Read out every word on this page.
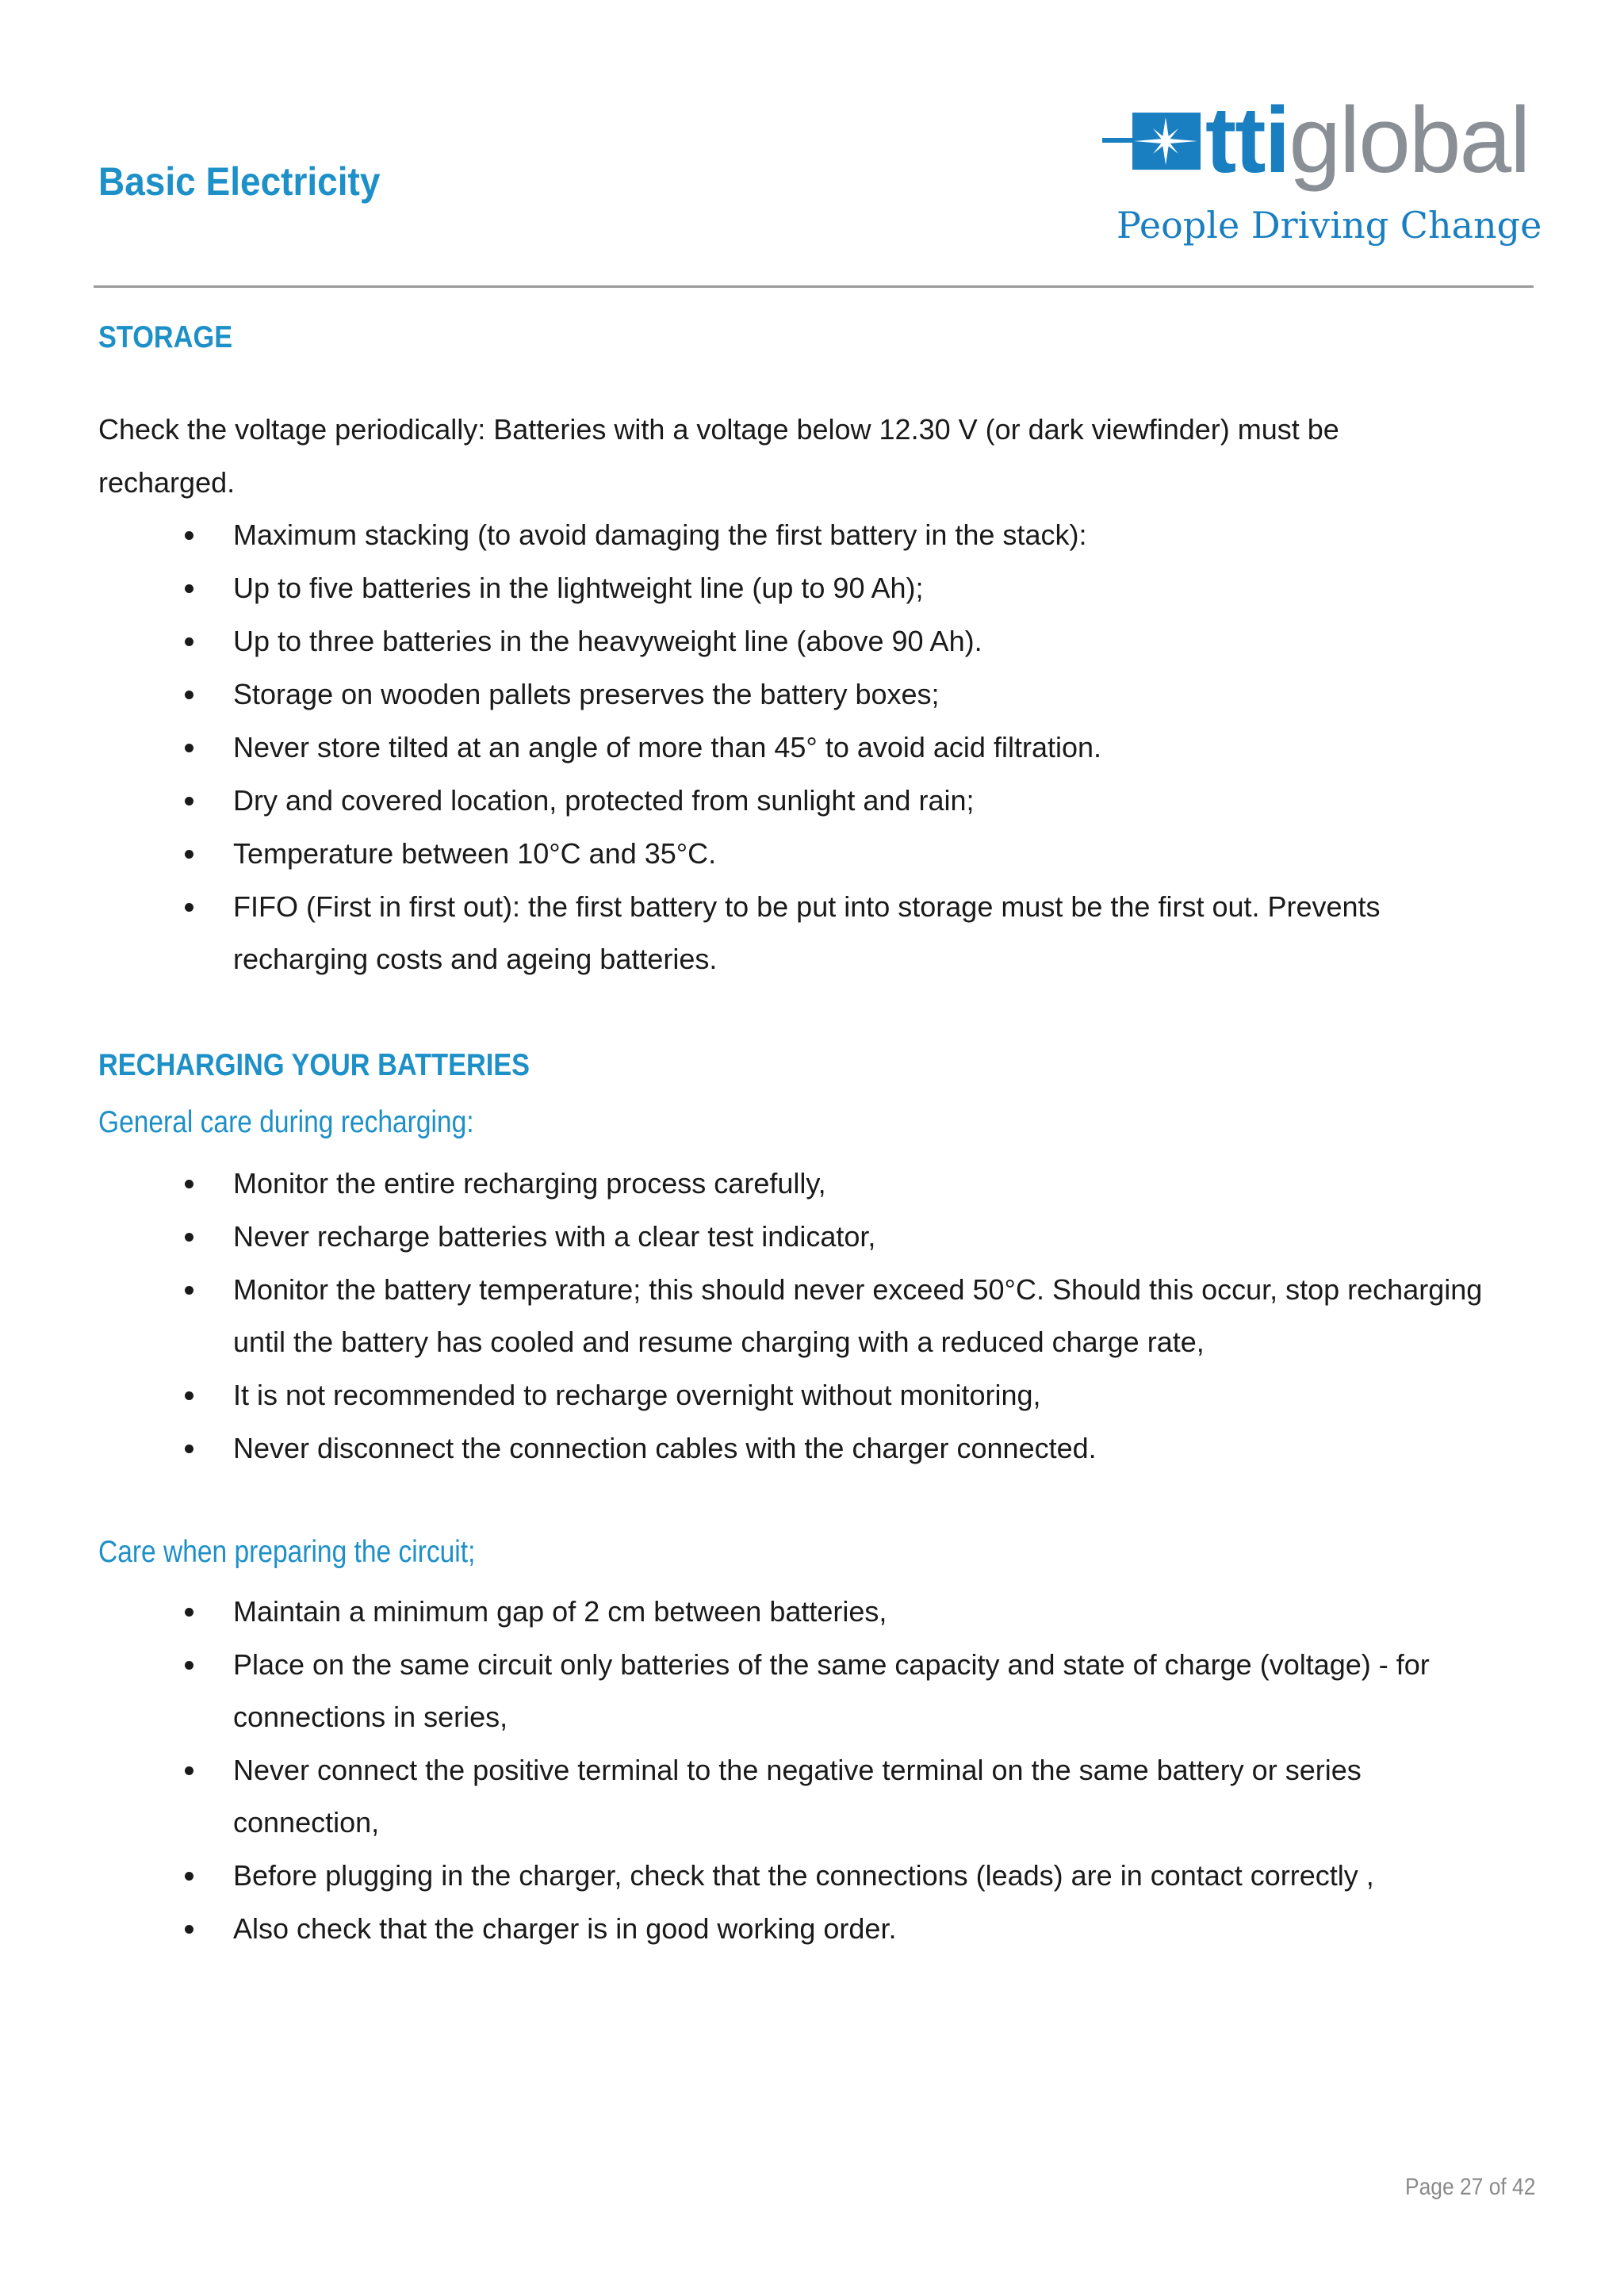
Basic Electricity	ttiglobal
People Driving Change
STORAGE
Check the voltage periodically: Batteries with a voltage below 12.30 V (or dark viewfinder) must be recharged.
Maximum stacking (to avoid damaging the first battery in the stack):
Up to five batteries in the lightweight line (up to 90 Ah);
Up to three batteries in the heavyweight line (above 90 Ah).
Storage on wooden pallets preserves the battery boxes;
Never store tilted at an angle of more than 45° to avoid acid filtration.
Dry and covered location, protected from sunlight and rain;
Temperature between 10°C and 35°C.
FIFO (First in first out): the first battery to be put into storage must be the first out. Prevents recharging costs and ageing batteries.
RECHARGING YOUR BATTERIES
General care during recharging:
Monitor the entire recharging process carefully,
Never recharge batteries with a clear test indicator,
Monitor the battery temperature; this should never exceed 50°C. Should this occur, stop recharging until the battery has cooled and resume charging with a reduced charge rate,
It is not recommended to recharge overnight without monitoring,
Never disconnect the connection cables with the charger connected.
Care when preparing the circuit;
Maintain a minimum gap of 2 cm between batteries,
Place on the same circuit only batteries of the same capacity and state of charge (voltage) - for connections in series,
Never connect the positive terminal to the negative terminal on the same battery or series connection,
Before plugging in the charger, check that the connections (leads) are in contact correctly ,
Also check that the charger is in good working order.
Page 27 of 42
